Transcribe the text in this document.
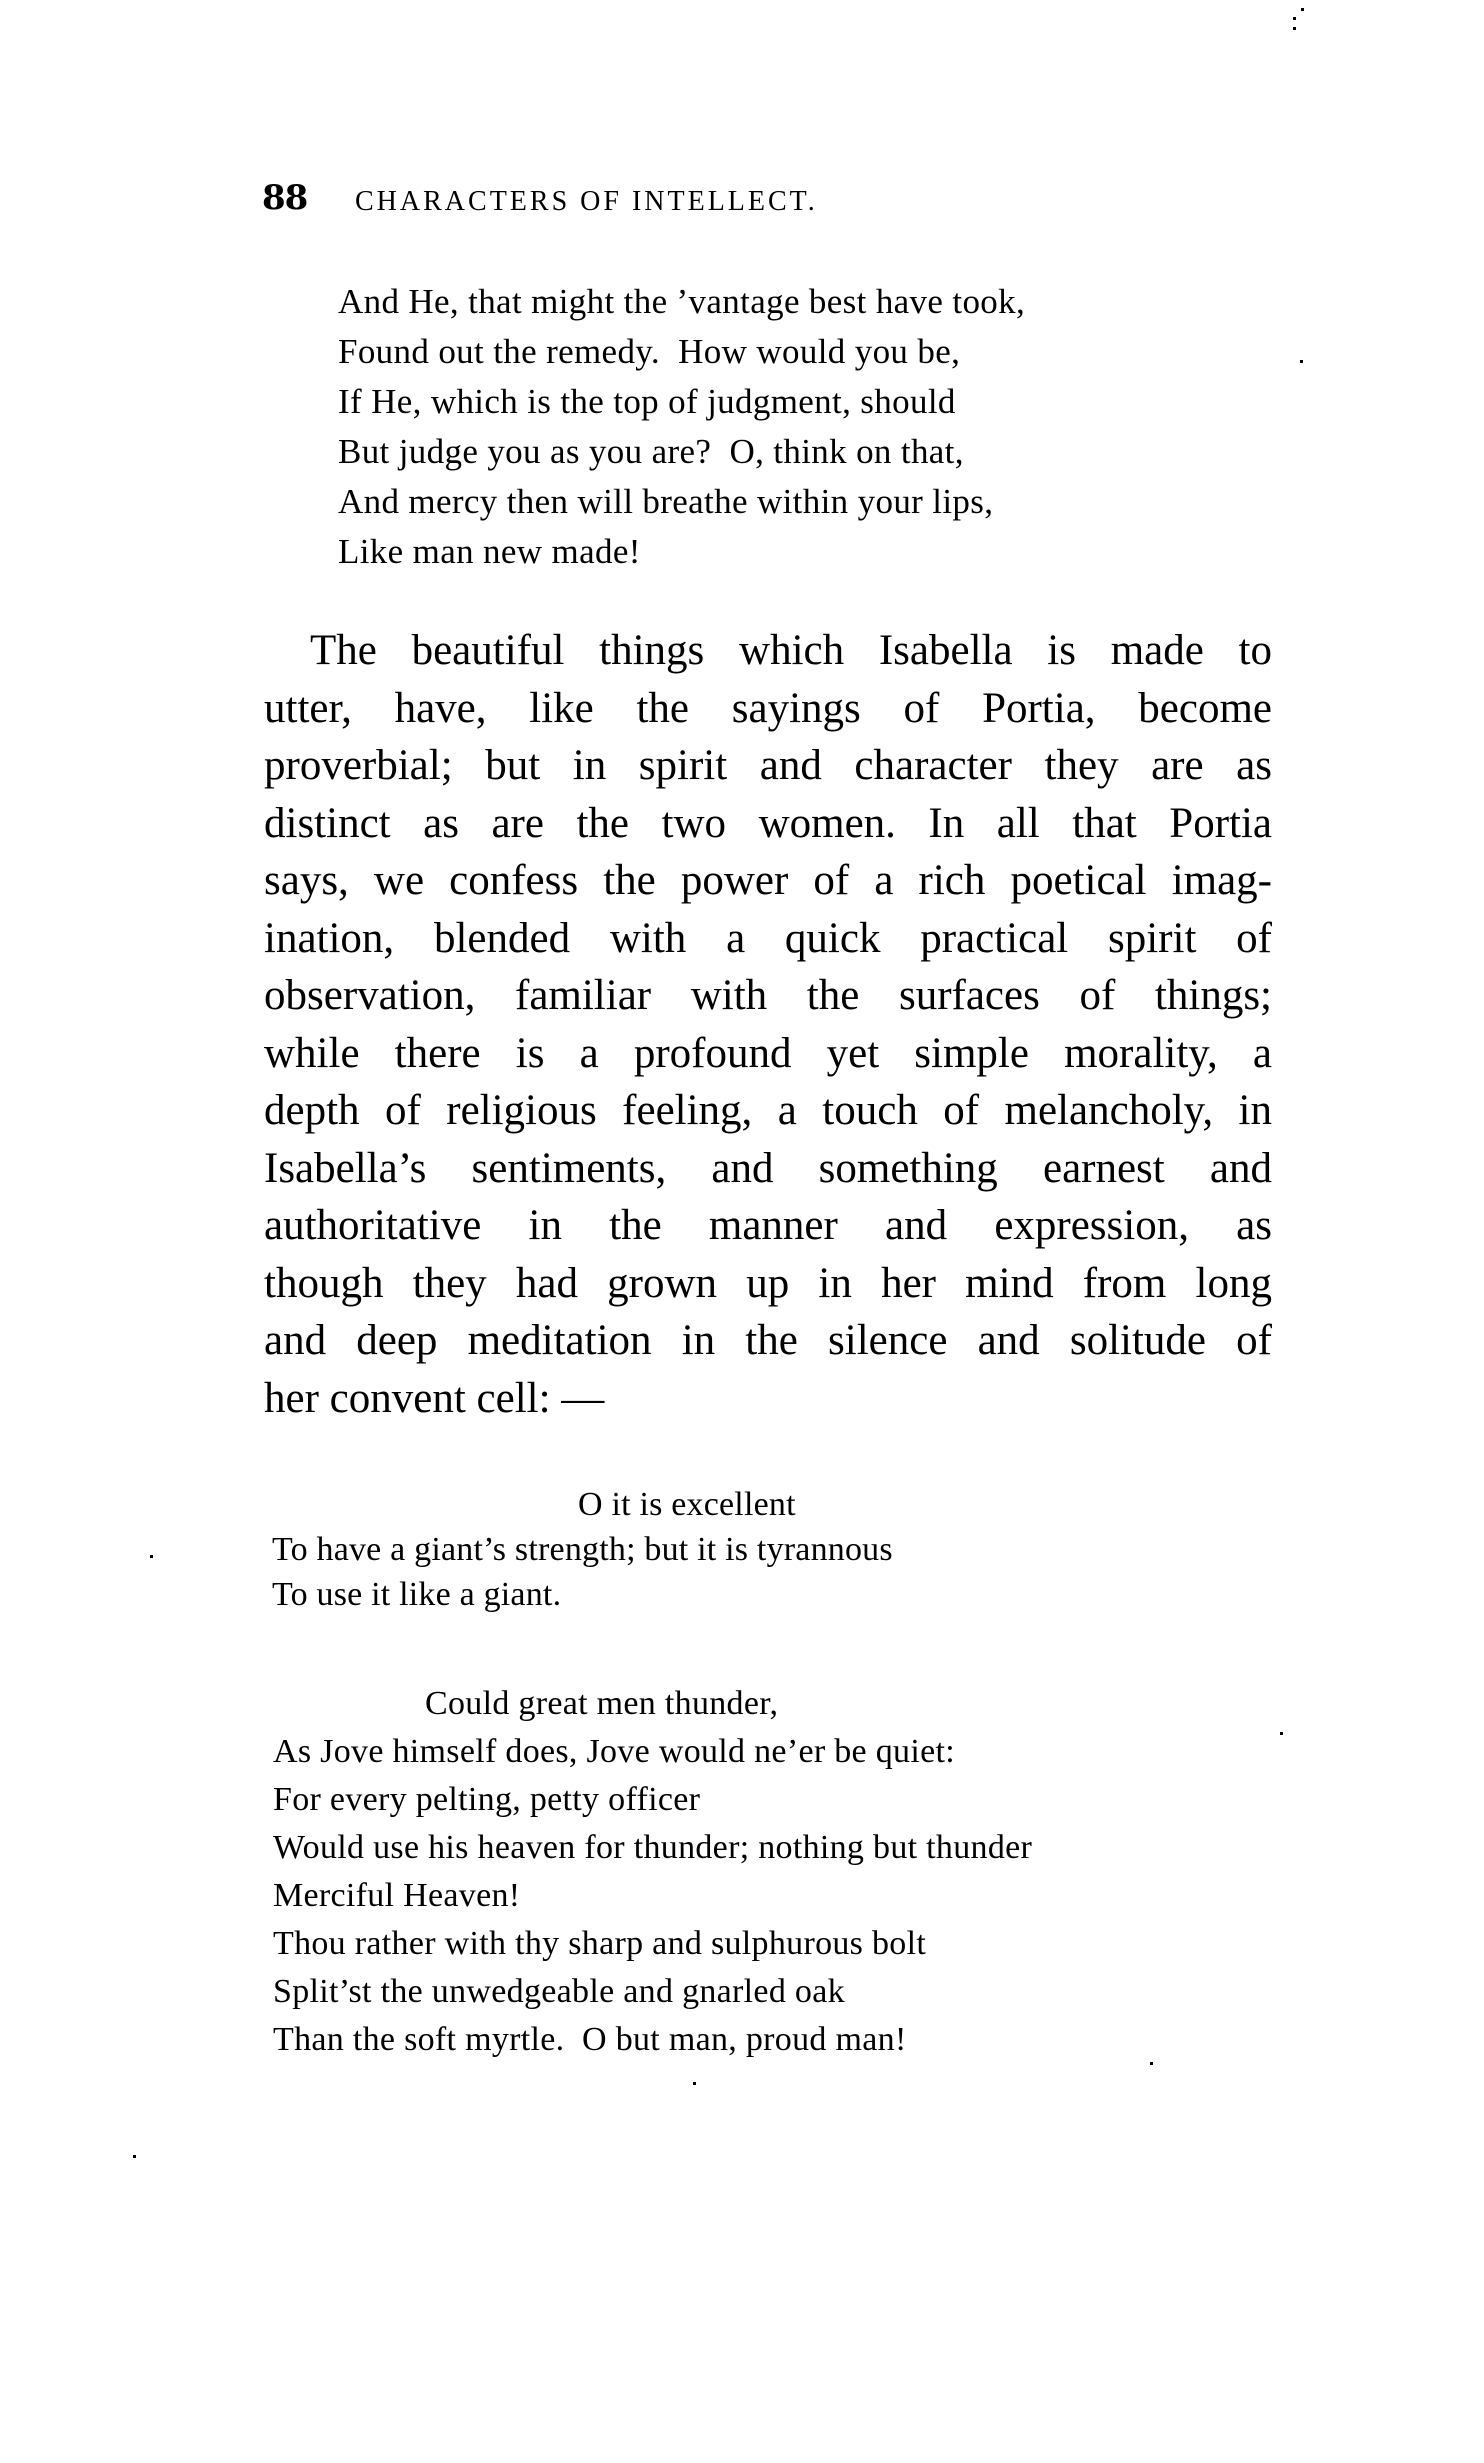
88 CHARACTERS OF INTELLECT.

And He, that might the ’vantage best have took,

Found out the remedy.  How would you be,

If He, which is the top of judgment, should

But judge you as you are?  O, think on that,

And mercy then will breathe within your lips,

Like man new made!

The beautiful things which Isabella is made to
utter, have, like the sayings of Portia, become
proverbial; but in spirit and character they are as
distinct as are the two women. In all that Portia
says, we confess the power of a rich poetical imag-
ination, blended with a quick practical spirit of
observation, familiar with the surfaces of things;
while there is a profound yet simple morality, a
depth of religious feeling, a touch of melancholy, in
Isabella’s sentiments, and something earnest and
authoritative in the manner and expression, as
though they had grown up in her mind from long
and deep meditation in the silence and solitude of
her convent cell: —

O it is excellent

To have a giant’s strength; but it is tyrannous

To use it like a giant.

Could great men thunder,

As Jove himself does, Jove would ne’er be quiet:

For every pelting, petty officer

Would use his heaven for thunder; nothing but thunder

Merciful Heaven!

Thou rather with thy sharp and sulphurous bolt

Split’st the unwedgeable and gnarled oak

Than the soft myrtle.  O but man, proud man!
